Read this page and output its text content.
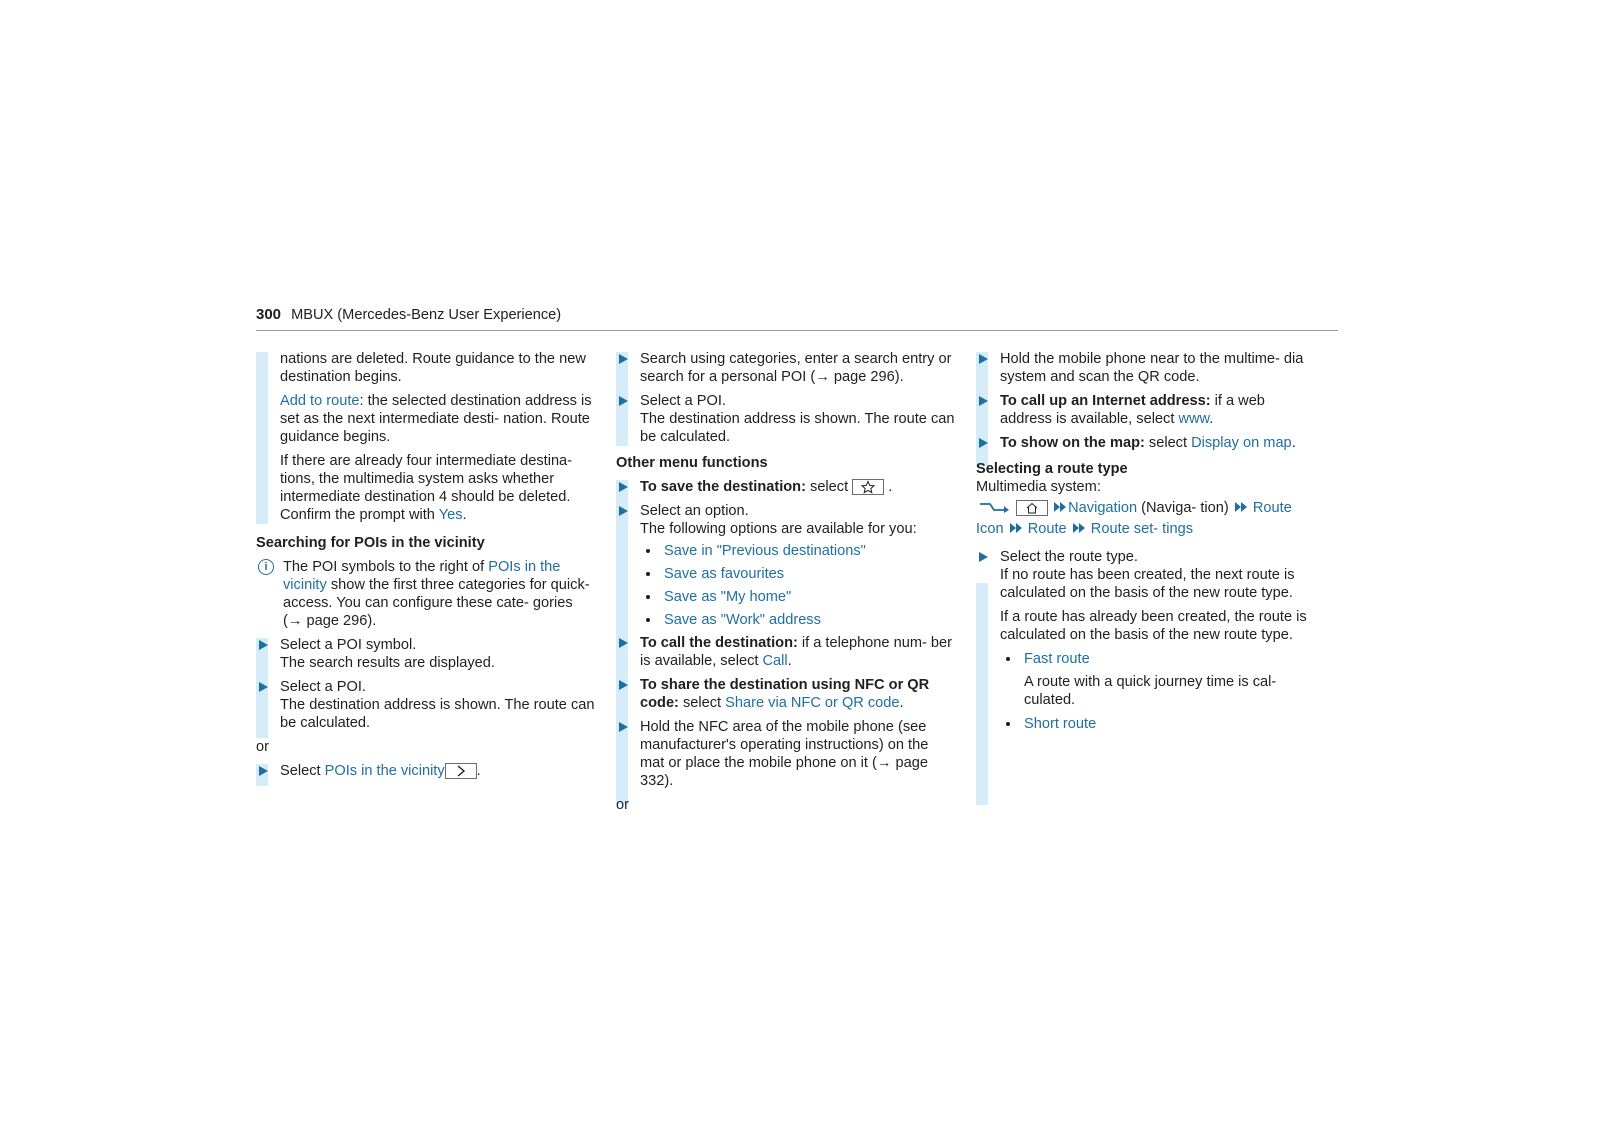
300 MBUX (Mercedes-Benz User Experience)
nations are deleted. Route guidance to the new destination begins.
Add to route: the selected destination address is set as the next intermediate desti- nation. Route guidance begins.
If there are already four intermediate destina- tions, the multimedia system asks whether intermediate destination 4 should be deleted. Confirm the prompt with Yes.
Searching for POIs in the vicinity
i	The POI symbols to the right of POIs in the vicinity show the first three categories for quick-access. You can configure these cate- gories (→ page 296).
Select a POI symbol.
The search results are displayed.
Select a POI.
The destination address is shown. The route can be calculated.
or
Select POIs in the vicinity .
Search using categories, enter a search entry or search for a personal POI (→ page 296).
Select a POI.
The destination address is shown. The route can be calculated.
Other menu functions
To save the destination: select  .
Select an option.
The following options are available for you:
Save in "Previous destinations"
Save as favourites
Save as "My home"
Save as "Work" address
To call the destination: if a telephone num- ber is available, select Call.
To share the destination using NFC or QR code: select Share via NFC or QR code.
Hold the NFC area of the mobile phone (see manufacturer's operating instructions) on the mat or place the mobile phone on it (→ page 332).
or
Hold the mobile phone near to the multime- dia system and scan the QR code.
To call up an Internet address: if a web address is available, select www.
To show on the map: select Display on map.
Selecting a route type
Multimedia system:
Navigation (Naviga- tion)  Route Icon Route Route set- tings
Select the route type.
If no route has been created, the next route is calculated on the basis of the new route type.
If a route has already been created, the route is calculated on the basis of the new route type.
Fast route
A route with a quick journey time is cal- culated.
Short route
